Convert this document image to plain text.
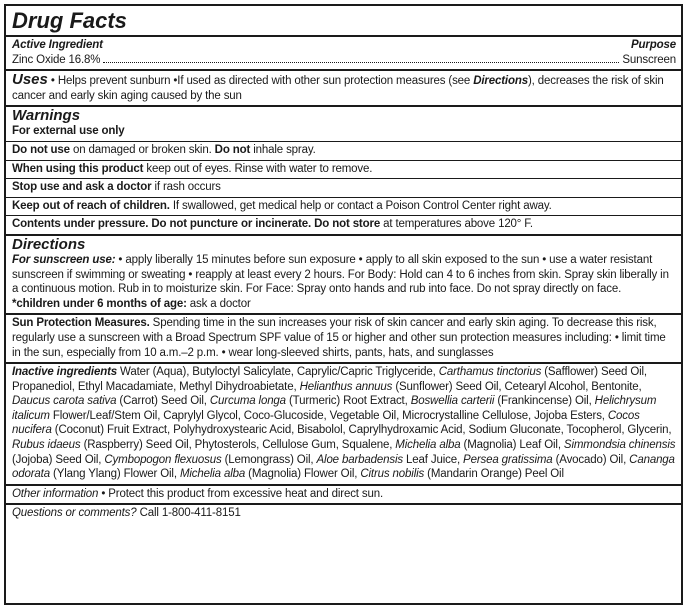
Drug Facts
Active Ingredient	Purpose
Zinc Oxide 16.8%	Sunscreen
Uses • Helps prevent sunburn •If used as directed with other sun protection measures (see Directions), decreases the risk of skin cancer and early skin aging caused by the sun
Warnings
For external use only
Do not use on damaged or broken skin. Do not inhale spray.
When using this product keep out of eyes. Rinse with water to remove.
Stop use and ask a doctor if rash occurs
Keep out of reach of children. If swallowed, get medical help or contact a Poison Control Center right away.
Contents under pressure. Do not puncture or incinerate. Do not store at temperatures above 120° F.
Directions
For sunscreen use: • apply liberally 15 minutes before sun exposure • apply to all skin exposed to the sun • use a water resistant sunscreen if swimming or sweating • reapply at least every 2 hours. For Body: Hold can 4 to 6 inches from skin. Spray skin liberally in a continuous motion. Rub in to moisturize skin. For Face: Spray onto hands and rub into face. Do not spray directly on face.
*children under 6 months of age: ask a doctor
Sun Protection Measures. Spending time in the sun increases your risk of skin cancer and early skin aging. To decrease this risk, regularly use a sunscreen with a Broad Spectrum SPF value of 15 or higher and other sun protection measures including: • limit time in the sun, especially from 10 a.m.–2 p.m. • wear long-sleeved shirts, pants, hats, and sunglasses
Inactive ingredients Water (Aqua), Butyloctyl Salicylate, Caprylic/Capric Triglyceride, Carthamus tinctorius (Safflower) Seed Oil, Propanediol, Ethyl Macadamiate, Methyl Dihydroabietate, Helianthus annuus (Sunflower) Seed Oil, Cetearyl Alcohol, Bentonite, Daucus carota sativa (Carrot) Seed Oil, Curcuma longa (Turmeric) Root Extract, Boswellia carterii (Frankincense) Oil, Helichrysum italicum Flower/Leaf/Stem Oil, Caprylyl Glycol, Coco-Glucoside, Vegetable Oil, Microcrystalline Cellulose, Jojoba Esters, Cocos nucifera (Coconut) Fruit Extract, Polyhydroxystearic Acid, Bisabolol, Caprylhydroxamic Acid, Sodium Gluconate, Tocopherol, Glycerin, Rubus idaeus (Raspberry) Seed Oil, Phytosterols, Cellulose Gum, Squalene, Michelia alba (Magnolia) Leaf Oil, Simmondsia chinensis (Jojoba) Seed Oil, Cymbopogon flexuosus (Lemongrass) Oil, Aloe barbadensis Leaf Juice, Persea gratissima (Avocado) Oil, Cananga odorata (Ylang Ylang) Flower Oil, Michelia alba (Magnolia) Flower Oil, Citrus nobilis (Mandarin Orange) Peel Oil
Other information • Protect this product from excessive heat and direct sun.
Questions or comments? Call 1-800-411-8151
